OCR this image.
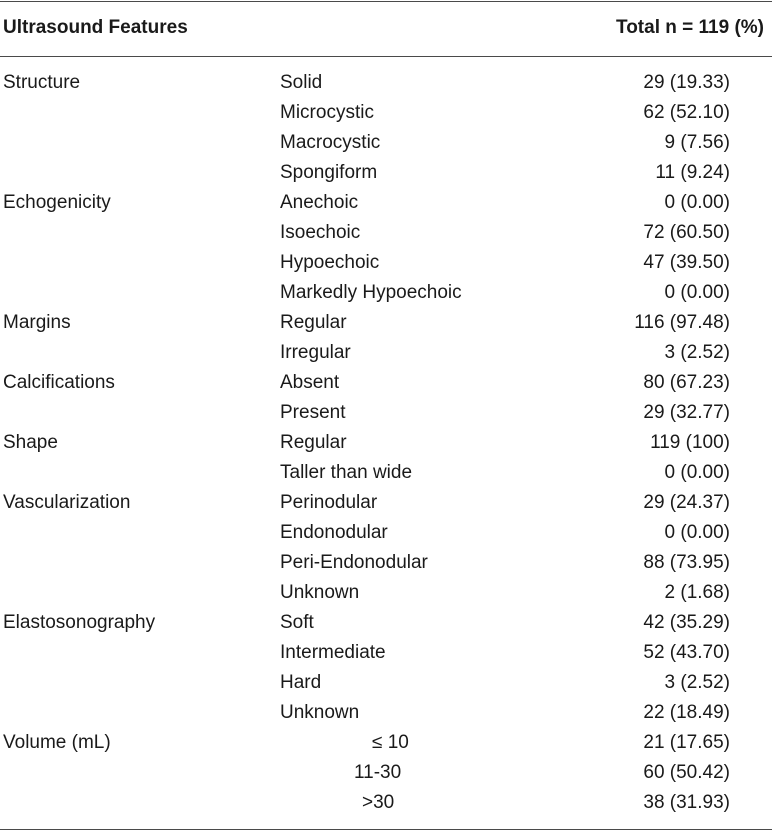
Ultrasound Features	Total n = 119 (%)
Structure	Solid	29 (19.33)
Microcystic	62 (52.10)
Macrocystic	9 (7.56)
Spongiform	11 (9.24)
Echogenicity	Anechoic	0 (0.00)
Isoechoic	72 (60.50)
Hypoechoic	47 (39.50)
Markedly Hypoechoic	0 (0.00)
Margins	Regular	116 (97.48)
Irregular	3 (2.52)
Calcifications	Absent	80 (67.23)
Present	29 (32.77)
Shape	Regular	119 (100)
Taller than wide	0 (0.00)
Vascularization	Perinodular	29 (24.37)
Endonodular	0 (0.00)
Peri-Endonodular	88 (73.95)
Unknown	2 (1.68)
Elastosonography	Soft	42 (35.29)
Intermediate	52 (43.70)
Hard	3 (2.52)
Unknown	22 (18.49)
Volume (mL)	≤ 10	21 (17.65)
11-30	60 (50.42)
>30	38 (31.93)
